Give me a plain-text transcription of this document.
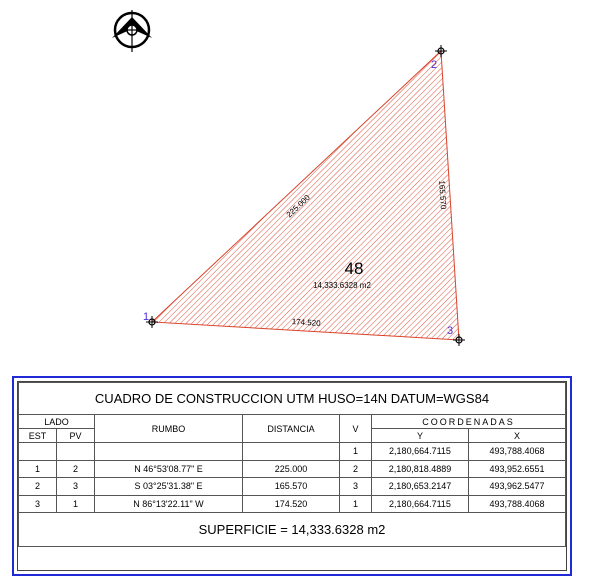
1
2
3
225.000	165.570
174.520
48
14,333.6328 m2
CUADRO DE CONSTRUCCION UTM HUSO=14N DATUM=WGS84						
LADO		RUMBO	DISTANCIA	V	COORDENADAS	
EST	PV				Y	X
				1	2,180,664.7115	493,788.4068
1	2	N 46°53'08.77" E	225.000	2	2,180,818.4889	493,952.6551
2	3	S 03°25'31.38" E	165.570	3	2,180,653.2147	493,962.5477
3	1	N 86°13'22.11" W	174.520	1	2,180,664.7115	493,788.4068
SUPERFICIE = 14,333.6328 m2						
